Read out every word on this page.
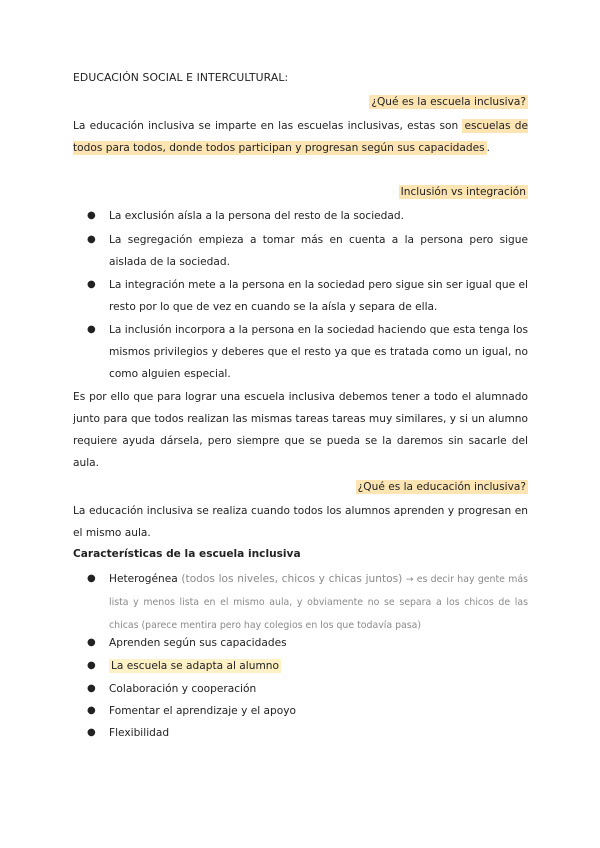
EDUCACIÓN SOCIAL E INTERCULTURAL:
¿Qué es la escuela inclusiva?
La educación inclusiva se imparte en las escuelas inclusivas, estas son escuelas de todos para todos, donde todos participan y progresan según sus capacidades .
Inclusión vs integración
● La exclusión aísla a la persona del resto de la sociedad.
● La segregación empieza a tomar más en cuenta a la persona pero sigue aislada de la sociedad.
● La integración mete a la persona en la sociedad pero sigue sin ser igual que el resto por lo que de vez en cuando se la aísla y separa de ella.
● La inclusión incorpora a la persona en la sociedad haciendo que esta tenga los mismos privilegios y deberes que el resto ya que es tratada como un igual, no como alguien especial.
Es por ello que para lograr una escuela inclusiva debemos tener a todo el alumnado junto para que todos realizan las mismas tareas tareas muy similares, y si un alumno requiere ayuda dársela, pero siempre que se pueda se la daremos sin sacarle del aula.
¿Qué es la educación inclusiva?
La educación inclusiva se realiza cuando todos los alumnos aprenden y progresan en el mismo aula.
Características de la escuela inclusiva
● Heterogénea (todos los niveles, chicos y chicas juntos) → es decir hay gente más lista y menos lista en el mismo aula, y obviamente no se separa a los chicos de las chicas (parece mentira pero hay colegios en los que todavía pasa)
● Aprenden según sus capacidades
● La escuela se adapta al alumno
● Colaboración y cooperación
● Fomentar el aprendizaje y el apoyo
● Flexibilidad
